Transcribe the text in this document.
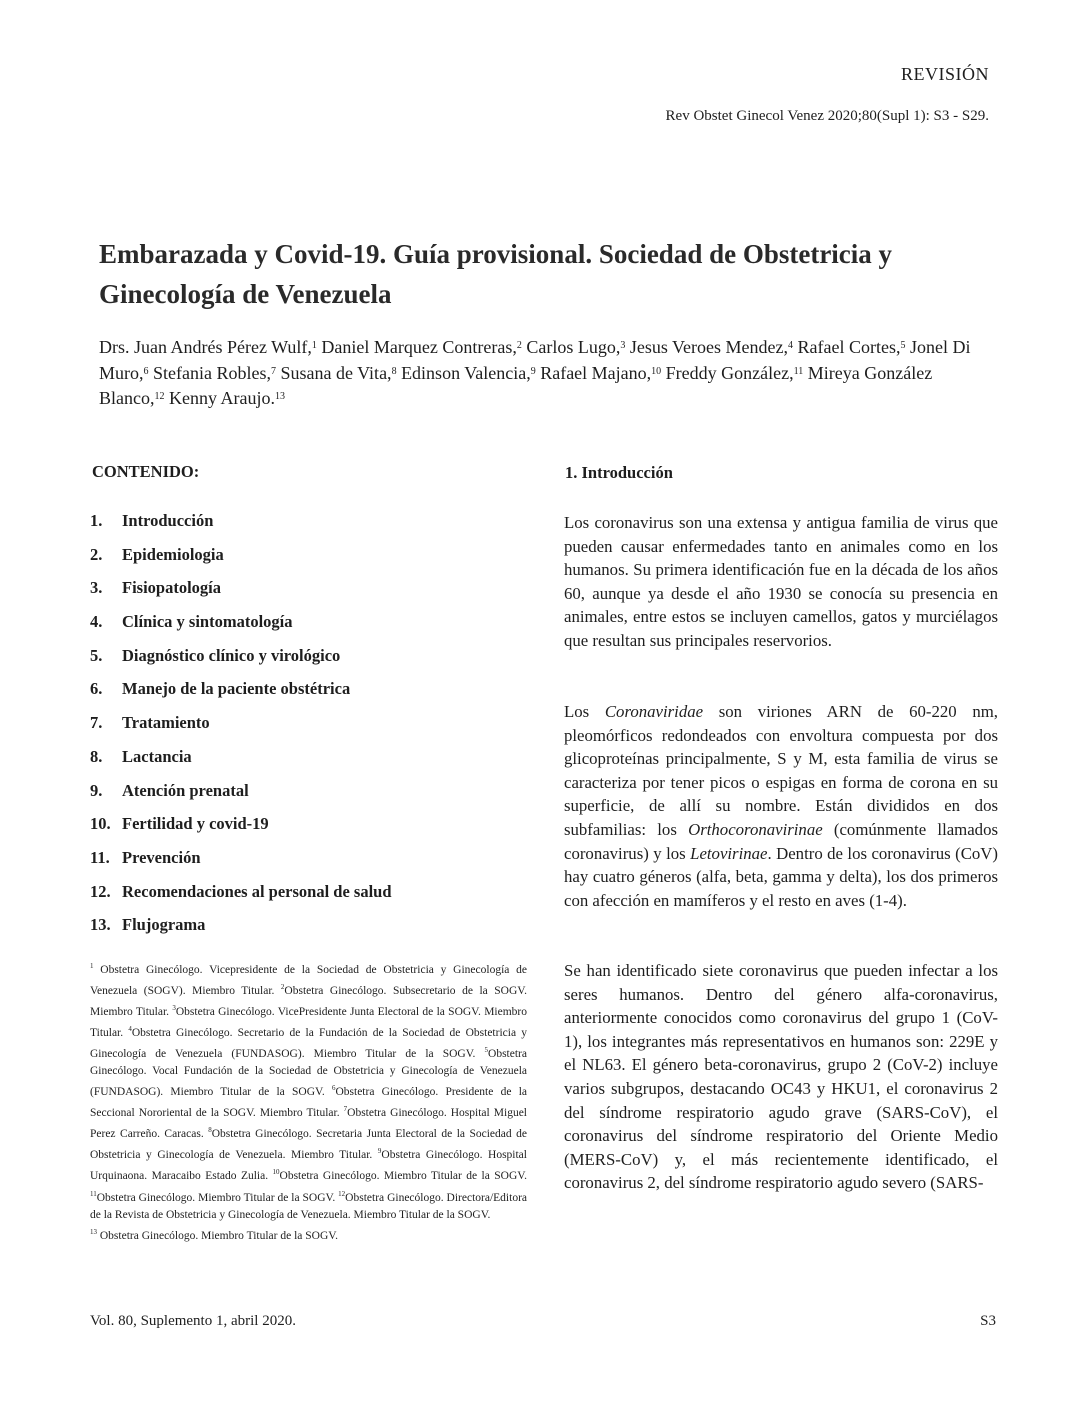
REVISIÓN
Rev Obstet Ginecol Venez 2020;80(Supl 1): S3 - S29.
Embarazada y Covid-19. Guía provisional. Sociedad de Obstetricia y Ginecología de Venezuela
Drs. Juan Andrés Pérez Wulf,$^1$ Daniel Marquez Contreras,$^2$ Carlos Lugo,$^3$ Jesus Veroes Mendez,$^4$ Rafael Cortes,$^5$ Jonel Di Muro,$^6$ Stefania Robles,$^7$ Susana de Vita,$^8$ Edinson Valencia,$^9$ Rafael Majano,$^{10}$ Freddy González,$^{11}$ Mireya González Blanco,$^{12}$ Kenny Araujo.$^{13}$
CONTENIDO:
1.	Introducción
2.	Epidemiologia
3.	Fisiopatología
4.	Clínica y sintomatología
5.	Diagnóstico clínico y virológico
6.	Manejo de la paciente obstétrica
7.	Tratamiento
8.	Lactancia
9.	Atención prenatal
10. Fertilidad y covid-19
11. Prevención
12. Recomendaciones al personal de salud
13. Flujograma
$^1$ Obstetra Ginecólogo. Vicepresidente de la Sociedad de Obstetricia y Ginecología de Venezuela (SOGV). Miembro Titular. $^2$Obstetra Ginecólogo. Subsecretario de la SOGV. Miembro Titular. $^3$Obstetra Ginecólogo. VicePresidente Junta Electoral de la SOGV. Miembro Titular. $^4$Obstetra Ginecólogo. Secretario de la Fundación de la Sociedad de Obstetricia y Ginecología de Venezuela (FUNDASOG). Miembro Titular de la SOGV. $^5$Obstetra Ginecólogo. Vocal Fundación de la Sociedad de Obstetricia y Ginecología de Venezuela (FUNDASOG). Miembro Titular de la SOGV. $^6$Obstetra Ginecólogo. Presidente de la Seccional Nororiental de la SOGV. Miembro Titular. $^7$Obstetra Ginecólogo. Hospital Miguel Perez Carreño. Caracas. $^8$Obstetra Ginecólogo. Secretaria Junta Electoral de la Sociedad de Obstetricia y Ginecología de Venezuela. Miembro Titular. $^9$Obstetra Ginecólogo. Hospital Urquinaona. Maracaibo Estado Zulia. $^{10}$Obstetra Ginecólogo. Miembro Titular de la SOGV. $^{11}$Obstetra Ginecólogo. Miembro Titular de la SOGV. $^{12}$Obstetra Ginecólogo. Directora/Editora de la Revista de Obstetricia y Ginecología de Venezuela. Miembro Titular de la SOGV.
$^{13}$ Obstetra Ginecólogo. Miembro Titular de la SOGV.
1. Introducción
Los coronavirus son una extensa y antigua familia de virus que pueden causar enfermedades tanto en animales como en los humanos. Su primera identificación fue en la década de los años 60, aunque ya desde el año 1930 se conocía su presencia en animales, entre estos se incluyen camellos, gatos y murciélagos que resultan sus principales reservorios.
Los Coronaviridae son viriones ARN de 60-220 nm, pleomórficos redondeados con envoltura compuesta por dos glicoproteínas principalmente, S y M, esta familia de virus se caracteriza por tener picos o espigas en forma de corona en su superficie, de allí su nombre. Están divididos en dos subfamilias: los Orthocoronavirinae (comúnmente llamados coronavirus) y los Letovirinae. Dentro de los coronavirus (CoV) hay cuatro géneros (alfa, beta, gamma y delta), los dos primeros con afección en mamíferos y el resto en aves (1-4).
Se han identificado siete coronavirus que pueden infectar a los seres humanos. Dentro del género alfa-coronavirus, anteriormente conocidos como coronavirus del grupo 1 (CoV-1), los integrantes más representativos en humanos son: 229E y el NL63. El género beta-coronavirus, grupo 2 (CoV-2) incluye varios subgrupos, destacando OC43 y HKU1, el coronavirus 2 del síndrome respiratorio agudo grave (SARS-CoV), el coronavirus del síndrome respiratorio del Oriente Medio (MERS-CoV) y, el más recientemente identificado, el coronavirus 2, del síndrome respiratorio agudo severo (SARS-
Vol. 80, Suplemento 1, abril 2020.	S3
